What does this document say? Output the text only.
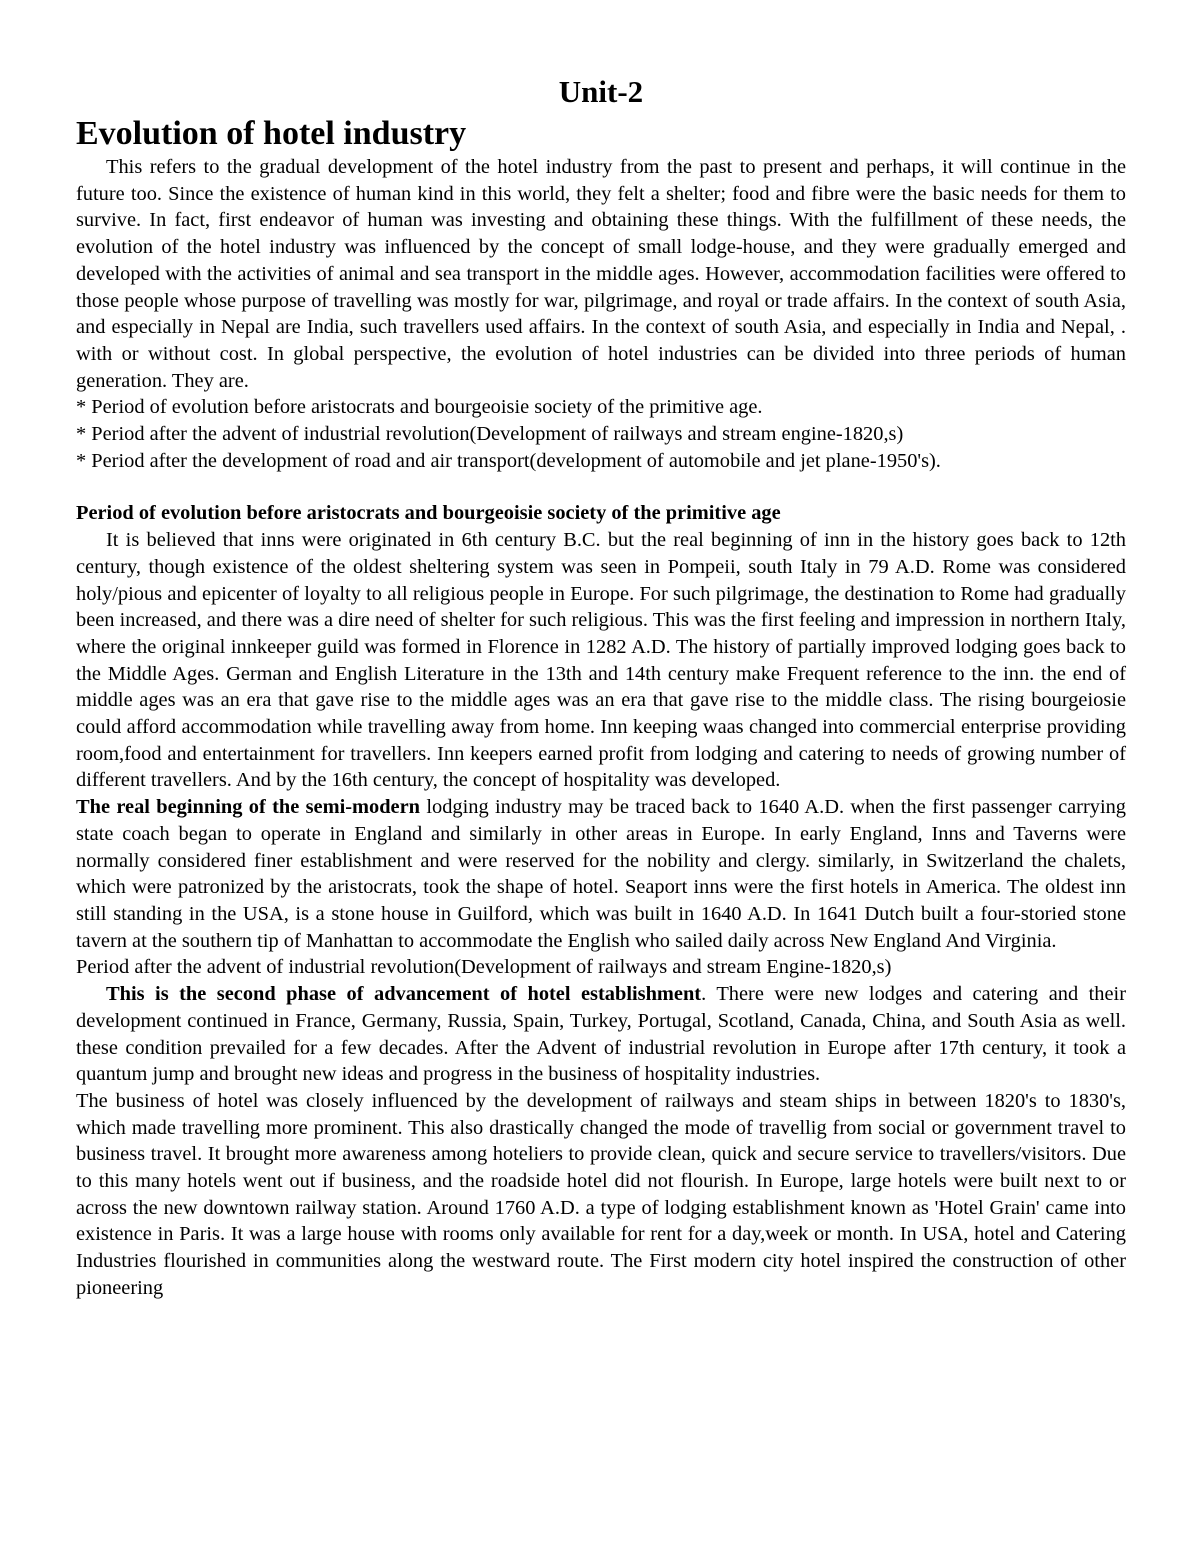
Unit-2
Evolution of hotel industry

This refers to the gradual development of the hotel industry from the past to present and perhaps, it will continue in the future too. Since the existence of human kind in this world, they felt a shelter; food and fibre were the basic needs for them to survive. In fact, first endeavor of human was investing and obtaining these things. With the fulfillment of these needs, the evolution of the hotel industry was influenced by the concept of small lodge-house, and they were gradually emerged and developed with the activities of animal and sea transport in the middle ages. However, accommodation facilities were offered to those people whose purpose of travelling was mostly for war, pilgrimage, and royal or trade affairs. In the context of south Asia, and especially in Nepal are India, such travellers used affairs. In the context of south Asia, and especially in India and Nepal, . with or without cost. In global perspective, the evolution of hotel industries can be divided into three periods of human generation. They are.

* Period of evolution before aristocrats and bourgeoisie society of the primitive age.

* Period after the advent of industrial revolution(Development of railways and stream engine-1820,s)

* Period after the development of road and air transport(development of automobile and jet plane-1950's).

Period of evolution before aristocrats and bourgeoisie society of the primitive age

It is believed that inns were originated in 6th century B.C. but the real beginning of inn in the history goes back to 12th century, though existence of the oldest sheltering system was seen in Pompeii, south Italy in 79 A.D. Rome was considered holy/pious and epicenter of loyalty to all religious people in Europe. For such pilgrimage, the destination to Rome had gradually been increased, and there was a dire need of shelter for such religious. This was the first feeling and impression in northern Italy, where the original innkeeper guild was formed in Florence in 1282 A.D. The history of partially improved lodging goes back to the Middle Ages. German and English Literature in the 13th and 14th century make Frequent reference to the inn. the end of middle ages was an era that gave rise to the middle ages was an era that gave rise to the middle class. The rising bourgeiosie could afford accommodation while travelling away from home. Inn keeping waas changed into commercial enterprise providing room,food and entertainment for travellers. Inn keepers earned profit from lodging and catering to needs of growing number of different travellers. And by the 16th century, the concept of hospitality was developed.

The real beginning of the semi-modern lodging industry may be traced back to 1640 A.D. when the first passenger carrying state coach began to operate in England and similarly in other areas in Europe. In early England, Inns and Taverns were normally considered finer establishment and were reserved for the nobility and clergy. similarly, in Switzerland the chalets, which were patronized by the aristocrats, took the shape of hotel. Seaport inns were the first hotels in America. The oldest inn still standing in the USA, is a stone house in Guilford, which was built in 1640 A.D. In 1641 Dutch built a four-storied stone tavern at the southern tip of Manhattan to accommodate the English who sailed daily across New England And Virginia.

Period after the advent of industrial revolution(Development of railways and stream Engine-1820,s)

This is the second phase of advancement of hotel establishment. There were new lodges and catering and their development continued in France, Germany, Russia, Spain, Turkey, Portugal, Scotland, Canada, China, and South Asia as well. these condition prevailed for a few decades. After the Advent of industrial revolution in Europe after 17th century, it took a quantum jump and brought new ideas and progress in the business of hospitality industries.

The business of hotel was closely influenced by the development of railways and steam ships in between 1820's to 1830's, which made travelling more prominent. This also drastically changed the mode of travellig from social or government travel to business travel. It brought more awareness among hoteliers to provide clean, quick and secure service to travellers/visitors. Due to this many hotels went out if business, and the roadside hotel did not flourish. In Europe, large hotels were built next to or across the new downtown railway station. Around 1760 A.D. a type of lodging establishment known as 'Hotel Grain' came into existence in Paris. It was a large house with rooms only available for rent for a day,week or month. In USA, hotel and Catering Industries flourished in communities along the westward route. The First modern city hotel inspired the construction of other pioneering
